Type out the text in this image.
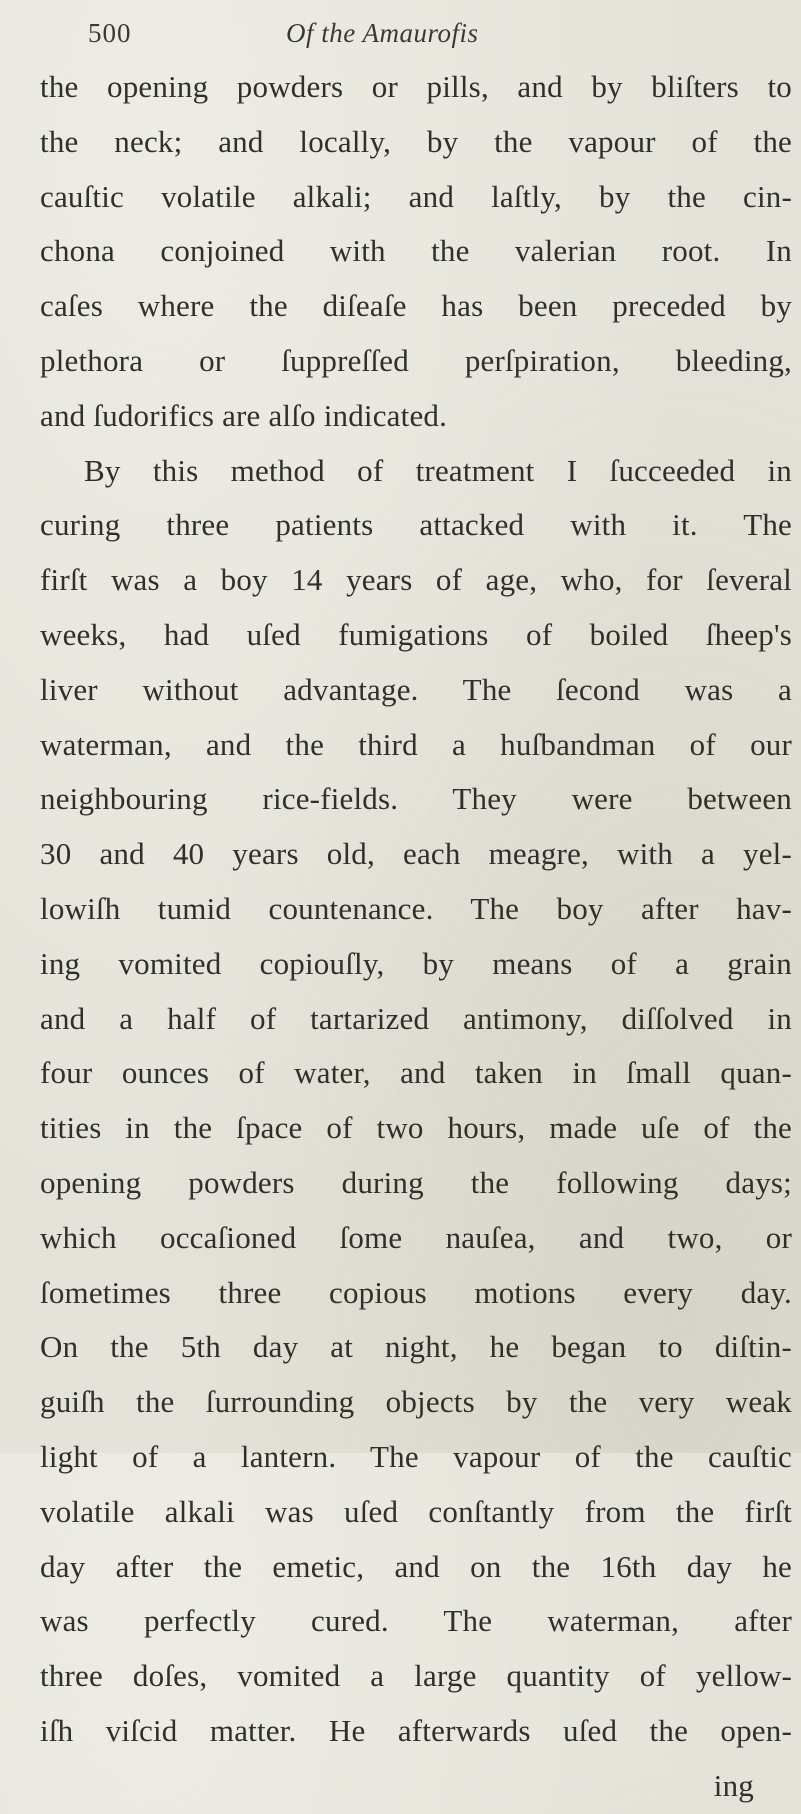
500	Of the Amaurofis
the opening powders or pills, and by bliſters to
the neck; and locally, by the vapour of the
cauſtic volatile alkali; and laſtly, by the cin-
chona conjoined with the valerian root. In
caſes where the diſeaſe has been preceded by
plethora or ſuppreſſed perſpiration, bleeding,
and ſudorifics are alſo indicated.
By this method of treatment I ſucceeded in
curing three patients attacked with it. The
firſt was a boy 14 years of age, who, for ſeveral
weeks, had uſed fumigations of boiled ſheep's
liver without advantage. The ſecond was a
waterman, and the third a huſbandman of our
neighbouring rice-fields. They were between
30 and 40 years old, each meagre, with a yel-
lowiſh tumid countenance. The boy after hav-
ing vomited copiouſly, by means of a grain
and a half of tartarized antimony, diſſolved in
four ounces of water, and taken in ſmall quan-
tities in the ſpace of two hours, made uſe of the
opening powders during the following days;
which occaſioned ſome nauſea, and two, or
ſometimes three copious motions every day.
On the 5th day at night, he began to diſtin-
guiſh the ſurrounding objects by the very weak
light of a lantern. The vapour of the cauſtic
volatile alkali was uſed conſtantly from the firſt
day after the emetic, and on the 16th day he
was perfectly cured. The waterman, after
three doſes, vomited a large quantity of yellow-
iſh viſcid matter. He afterwards uſed the open-
ing
